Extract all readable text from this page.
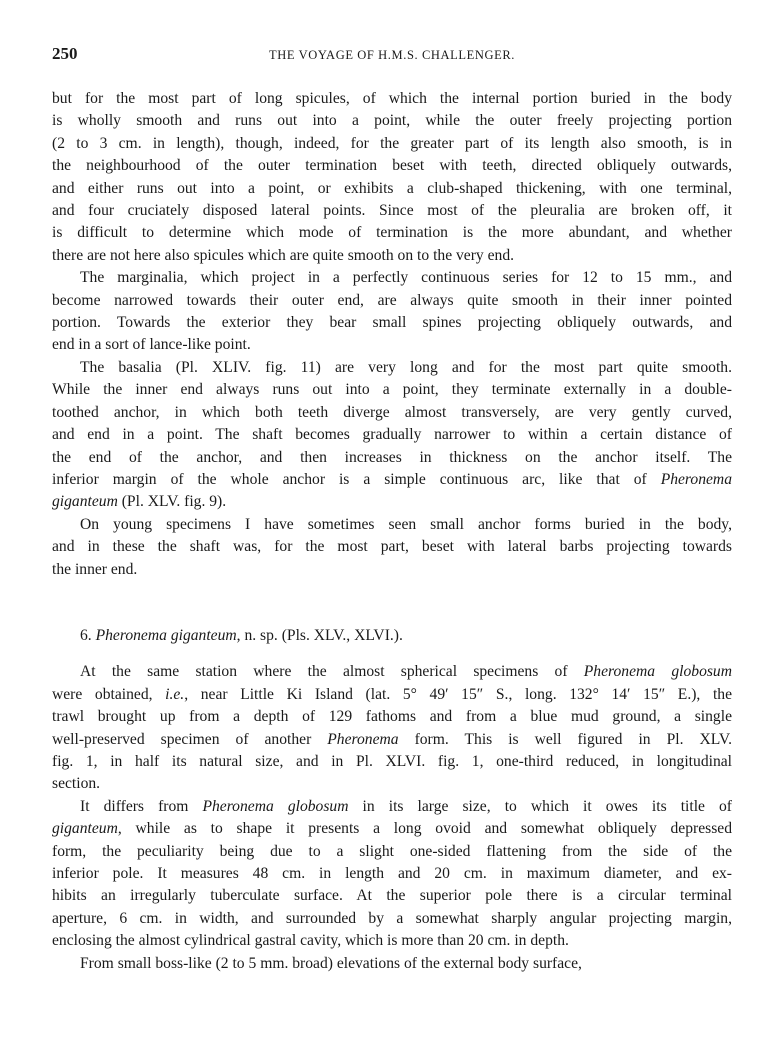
250	THE VOYAGE OF H.M.S. CHALLENGER.
but for the most part of long spicules, of which the internal portion buried in the body
is wholly smooth and runs out into a point, while the outer freely projecting portion
(2 to 3 cm. in length), though, indeed, for the greater part of its length also smooth, is in
the neighbourhood of the outer termination beset with teeth, directed obliquely outwards,
and either runs out into a point, or exhibits a club-shaped thickening, with one terminal,
and four cruciately disposed lateral points. Since most of the pleuralia are broken off, it
is difficult to determine which mode of termination is the more abundant, and whether
there are not here also spicules which are quite smooth on to the very end.
The marginalia, which project in a perfectly continuous series for 12 to 15 mm., and
become narrowed towards their outer end, are always quite smooth in their inner pointed
portion. Towards the exterior they bear small spines projecting obliquely outwards, and
end in a sort of lance-like point.
The basalia (Pl. XLIV. fig. 11) are very long and for the most part quite smooth.
While the inner end always runs out into a point, they terminate externally in a double-
toothed anchor, in which both teeth diverge almost transversely, are very gently curved,
and end in a point. The shaft becomes gradually narrower to within a certain distance of
the end of the anchor, and then increases in thickness on the anchor itself. The
inferior margin of the whole anchor is a simple continuous arc, like that of Pheronema
giganteum (Pl. XLV. fig. 9).
On young specimens I have sometimes seen small anchor forms buried in the body,
and in these the shaft was, for the most part, beset with lateral barbs projecting towards
the inner end.
6. Pheronema giganteum, n. sp. (Pls. XLV., XLVI.).
At the same station where the almost spherical specimens of Pheronema globosum
were obtained, i.e., near Little Ki Island (lat. 5° 49′ 15″ S., long. 132° 14′ 15″ E.), the
trawl brought up from a depth of 129 fathoms and from a blue mud ground, a single
well-preserved specimen of another Pheronema form. This is well figured in Pl. XLV.
fig. 1, in half its natural size, and in Pl. XLVI. fig. 1, one-third reduced, in longitudinal
section.
It differs from Pheronema globosum in its large size, to which it owes its title of
giganteum, while as to shape it presents a long ovoid and somewhat obliquely depressed
form, the peculiarity being due to a slight one-sided flattening from the side of the
inferior pole. It measures 48 cm. in length and 20 cm. in maximum diameter, and ex-
hibits an irregularly tuberculate surface. At the superior pole there is a circular terminal
aperture, 6 cm. in width, and surrounded by a somewhat sharply angular projecting margin,
enclosing the almost cylindrical gastral cavity, which is more than 20 cm. in depth.
From small boss-like (2 to 5 mm. broad) elevations of the external body surface,
